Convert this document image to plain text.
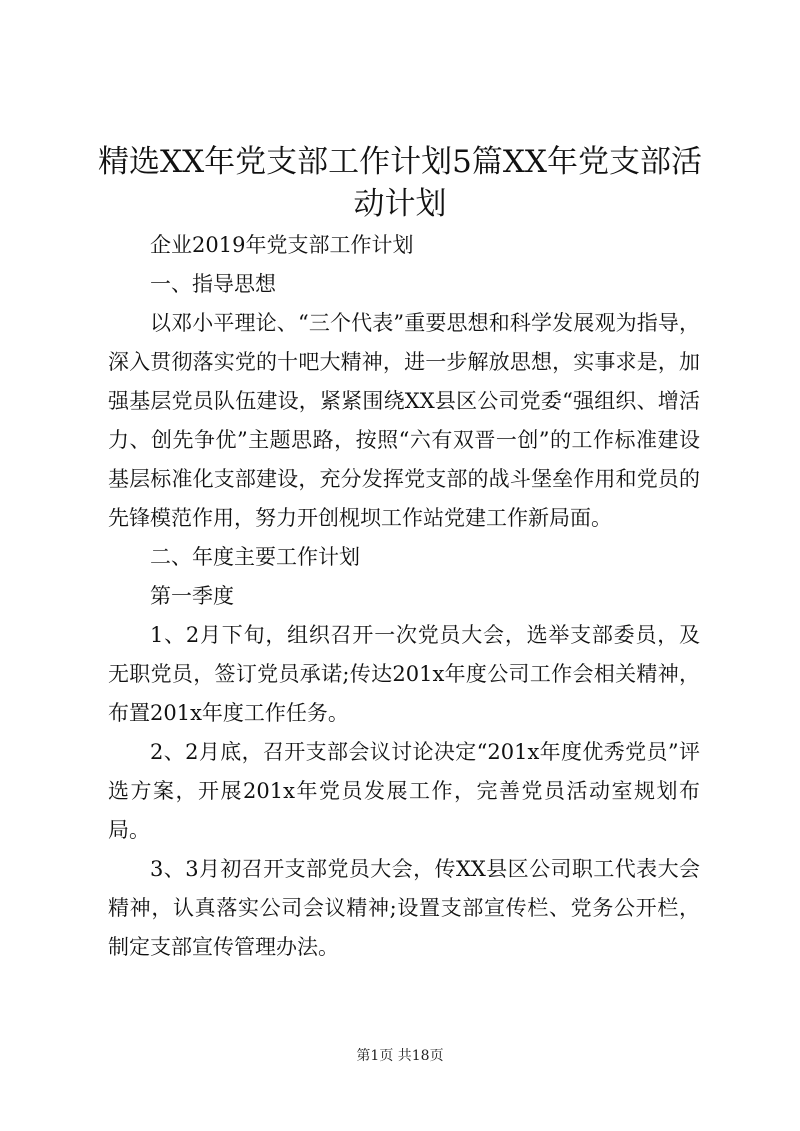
精选XX年党支部工作计划5篇XX年党支部活动计划

企业2019年党支部工作计划

一、指导思想

以邓小平理论、“三个代表”重要思想和科学发展观为指导，深入贯彻落实党的十吧大精神，进一步解放思想，实事求是，加强基层党员队伍建设，紧紧围绕XX县区公司党委“强组织、增活力、创先争优”主题思路，按照“六有双晋一创”的工作标准建设基层标准化支部建设，充分发挥党支部的战斗堡垒作用和党员的先锋模范作用，努力开创枧坝工作站党建工作新局面。

二、年度主要工作计划

第一季度

1、2月下旬，组织召开一次党员大会，选举支部委员，及无职党员，签订党员承诺;传达201x年度公司工作会相关精神，布置201x年度工作任务。

2、2月底，召开支部会议讨论决定“201x年度优秀党员”评选方案，开展201x年党员发展工作，完善党员活动室规划布局。

3、3月初召开支部党员大会，传XX县区公司职工代表大会精神，认真落实公司会议精神;设置支部宣传栏、党务公开栏，制定支部宣传管理办法。

第1页 共18页
